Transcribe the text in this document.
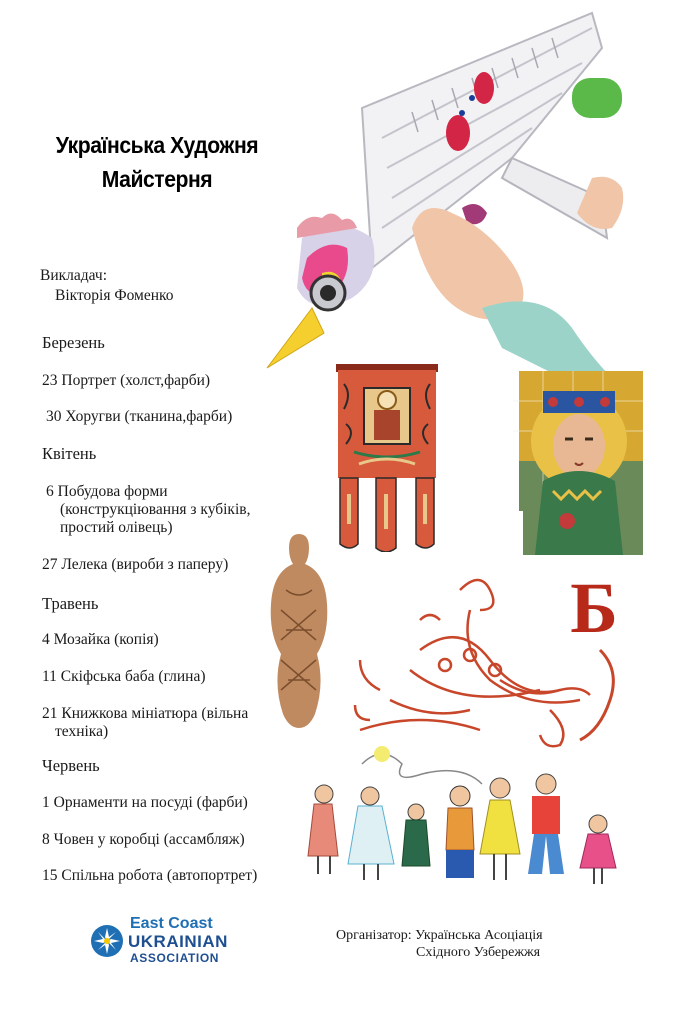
Українська Художня
Майстерня
Викладач:
Вікторія Фоменко
Березень
23 Портрет (холст,фарби)
30 Хоругви (тканина,фарби)
Квітень
6 Побудова форми
(конструкціювання з кубіків,
простий олівець)
27 Лелека (вироби з паперу)
Травень
4 Мозайка (копія)
11 Скіфська баба (глина)
21 Книжкова мініатюра (вільна
техніка)
Червень
1 Орнаменти на посуді (фарби)
8 Човен у коробці (ассамбляж)
15 Спільна робота (автопортрет)
Б
East Coast
UKRAINIAN
ASSOCIATION
Організатор: Українська Асоціація
Східного Узбережжя
